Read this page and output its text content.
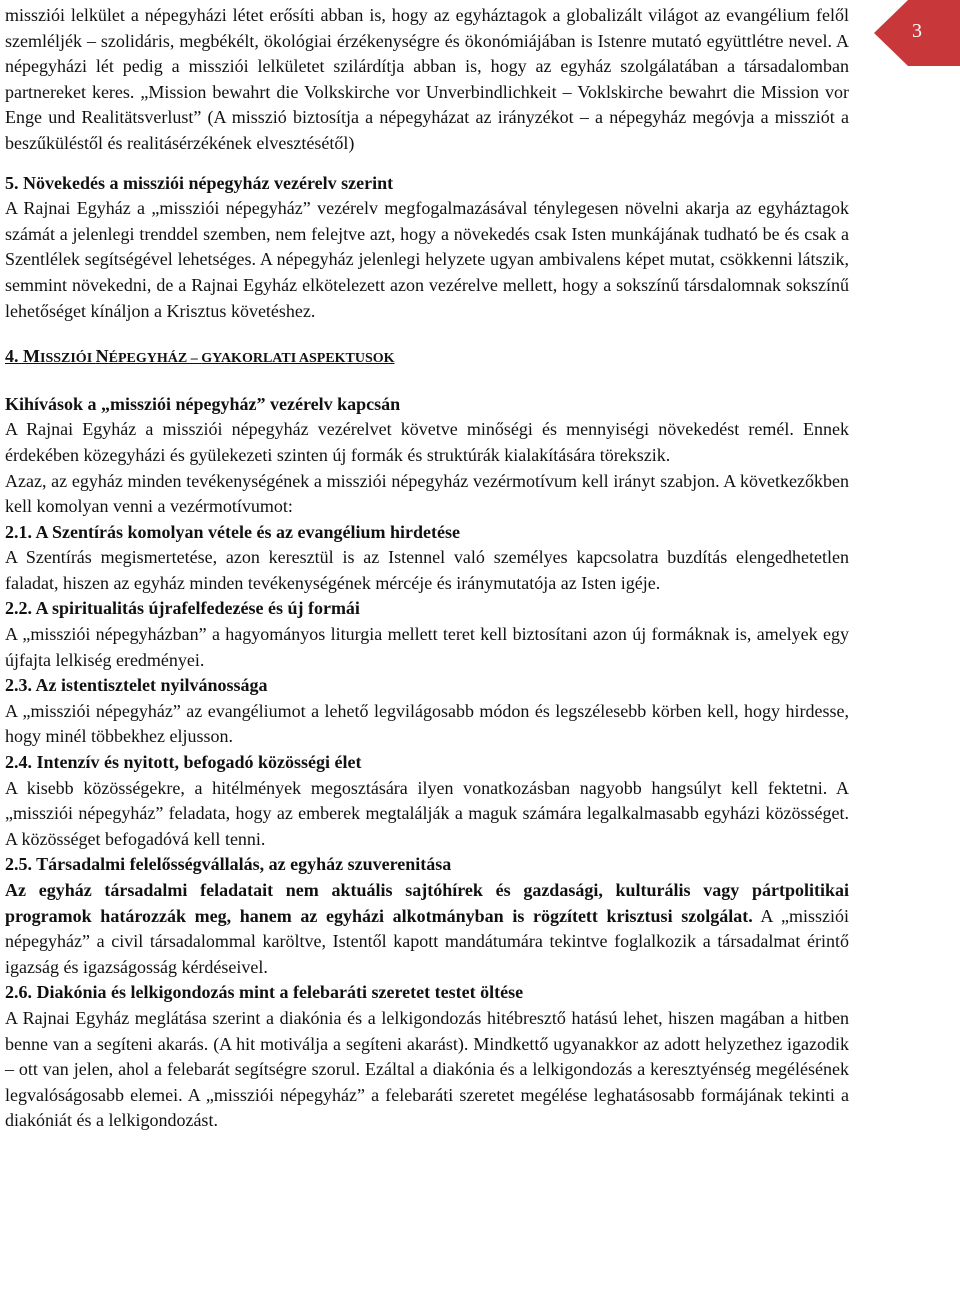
3

missziói lelkület a népegyházi létet erősíti abban is, hogy az egyháztagok a globalizált világot az evangélium felől szemléljék – szolidáris, megbékélt, ökológiai érzékenységre és ökonómiájában is Istenre mutató együttlétre nevel. A népegyházi lét pedig a missziói lelkületet szilárdítja abban is, hogy az egyház szolgálatában a társadalomban partnereket keres. „Mission bewahrt die Volkskirche vor Unverbindlichkeit – Voklskirche bewahrt die Mission vor Enge und Realitätsverlust” (A misszió biztosítja a népegyházat az irányzékot – a népegyház megóvja a missziót a beszűküléstől és realitásérzékének elvesztésétől)

5. Növekedés a missziói népegyház vezérelv szerint

A Rajnai Egyház a „missziói népegyház” vezérelv megfogalmazásával ténylegesen növelni akarja az egyháztagok számát a jelenlegi trenddel szemben, nem felejtve azt, hogy a növekedés csak Isten munkájának tudható be és csak a Szentlélek segítségével lehetséges. A népegyház jelenlegi helyzete ugyan ambivalens képet mutat, csökkenni látszik, semmint növekedni, de a Rajnai Egyház elkötelezett azon vezérelve mellett, hogy a sokszínű társdalomnak sokszínű lehetőséget kínáljon a Krisztus követéshez.

4. MISSZIÓI NÉPEGYHÁZ – GYAKORLATI ASPEKTUSOK
Kihívások a „missziói népegyház” vezérelv kapcsán

A Rajnai Egyház a missziói népegyház vezérelvet követve minőségi és mennyiségi növekedést remél. Ennek érdekében közegyházi és gyülekezeti szinten új formák és struktúrák kialakítására törekszik.

Azaz, az egyház minden tevékenységének a missziói népegyház vezérmotívum kell irányt szabjon. A következőkben kell komolyan venni a vezérmotívumot:

2.1. A Szentírás komolyan vétele és az evangélium hirdetése

A Szentírás megismertetése, azon keresztül is az Istennel való személyes kapcsolatra buzdítás elengedhetetlen faladat, hiszen az egyház minden tevékenységének mércéje és iránymutatója az Isten igéje.

2.2. A spiritualitás újrafelfedezése és új formái

A „missziói népegyházban” a hagyományos liturgia mellett teret kell biztosítani azon új formáknak is, amelyek egy újfajta lelkiség eredményei.

2.3. Az istentisztelet nyilvánossága

A „missziói népegyház” az evangéliumot a lehető legvilágosabb módon és legszélesebb körben kell, hogy hirdesse, hogy minél többekhez eljusson.

2.4. Intenzív és nyitott, befogadó közösségi élet

A kisebb közösségekre, a hitélmények megosztására ilyen vonatkozásban nagyobb hangsúlyt kell fektetni. A „missziói népegyház” feladata, hogy az emberek megtalálják a maguk számára legalkalmasabb egyházi közösséget. A közösséget befogadóvá kell tenni.

2.5. Társadalmi felelősségvállalás, az egyház szuverenitása

Az egyház társadalmi feladatait nem aktuális sajtóhírek és gazdasági, kulturális vagy pártpolitikai programok határozzák meg, hanem az egyházi alkotmányban is rögzített krisztusi szolgálat. A „missziói népegyház” a civil társadalommal karöltve, Istentől kapott mandátumára tekintve foglalkozik a társadalmat érintő igazság és igazságosság kérdéseivel.

2.6. Diakónia és lelkigondozás mint a felebaráti szeretet testet öltése

A Rajnai Egyház meglátása szerint a diakónia és a lelkigondozás hitébresztő hatású lehet, hiszen magában a hitben benne van a segíteni akarás. (A hit motiválja a segíteni akarást). Mindkettő ugyanakkor az adott helyzethez igazodik – ott van jelen, ahol a felebarát segítségre szorul. Ezáltal a diakónia és a lelkigondozás a keresztyénség megélésének legvalóságosabb elemei. A „missziói népegyház” a felebaráti szeretet megélése leghatásosabb formájának tekinti a diakóniát és a lelkigondozást.
